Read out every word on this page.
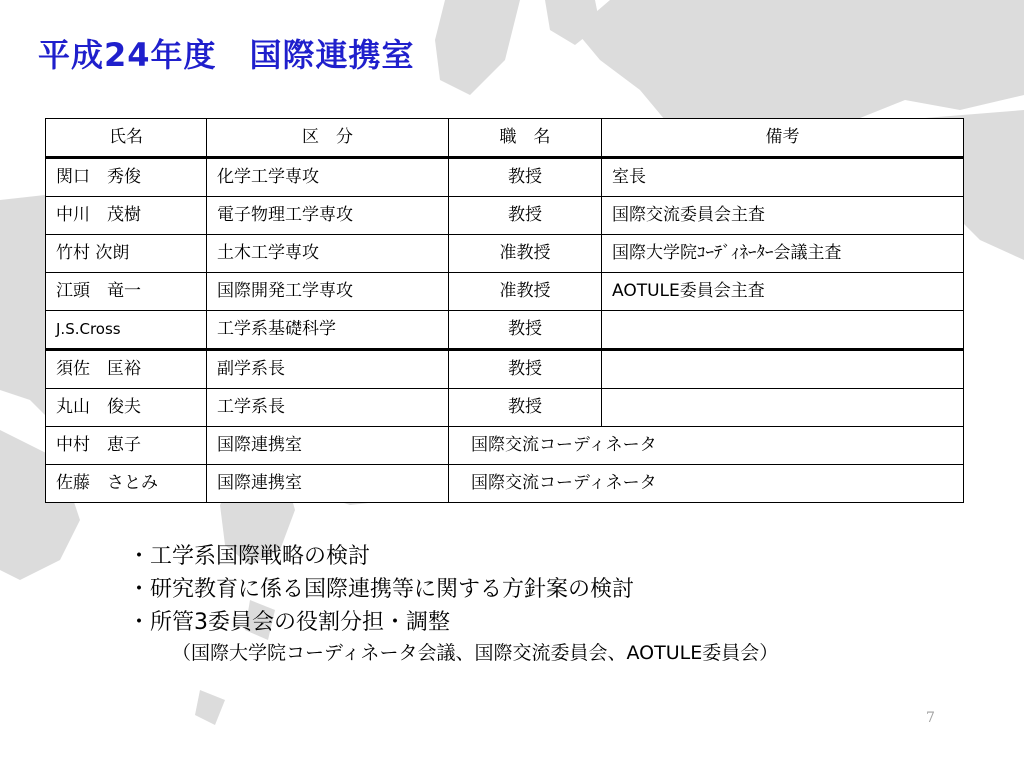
平成24年度　国際連携室
氏名	区　分	職　名	備考
関口　秀俊	化学工学専攻	教授	室長
中川　茂樹	電子物理工学専攻	教授	国際交流委員会主査
竹村 次朗	土木工学専攻	准教授	国際大学院ｺｰﾃﾞｨﾈｰﾀｰ会議主査
江頭　竜一	国際開発工学専攻	准教授	AOTULE委員会主査
J.S.Cross	工学系基礎科学	教授	
須佐　匡裕	副学系長	教授	
丸山　俊夫	工学系長	教授	
中村　恵子	国際連携室	国際交流コーディネータ	
佐藤　さとみ	国際連携室	国際交流コーディネータ	
・工学系国際戦略の検討
・研究教育に係る国際連携等に関する方針案の検討
・所管3委員会の役割分担・調整
（国際大学院コーディネータ会議、国際交流委員会、AOTULE委員会）
7
